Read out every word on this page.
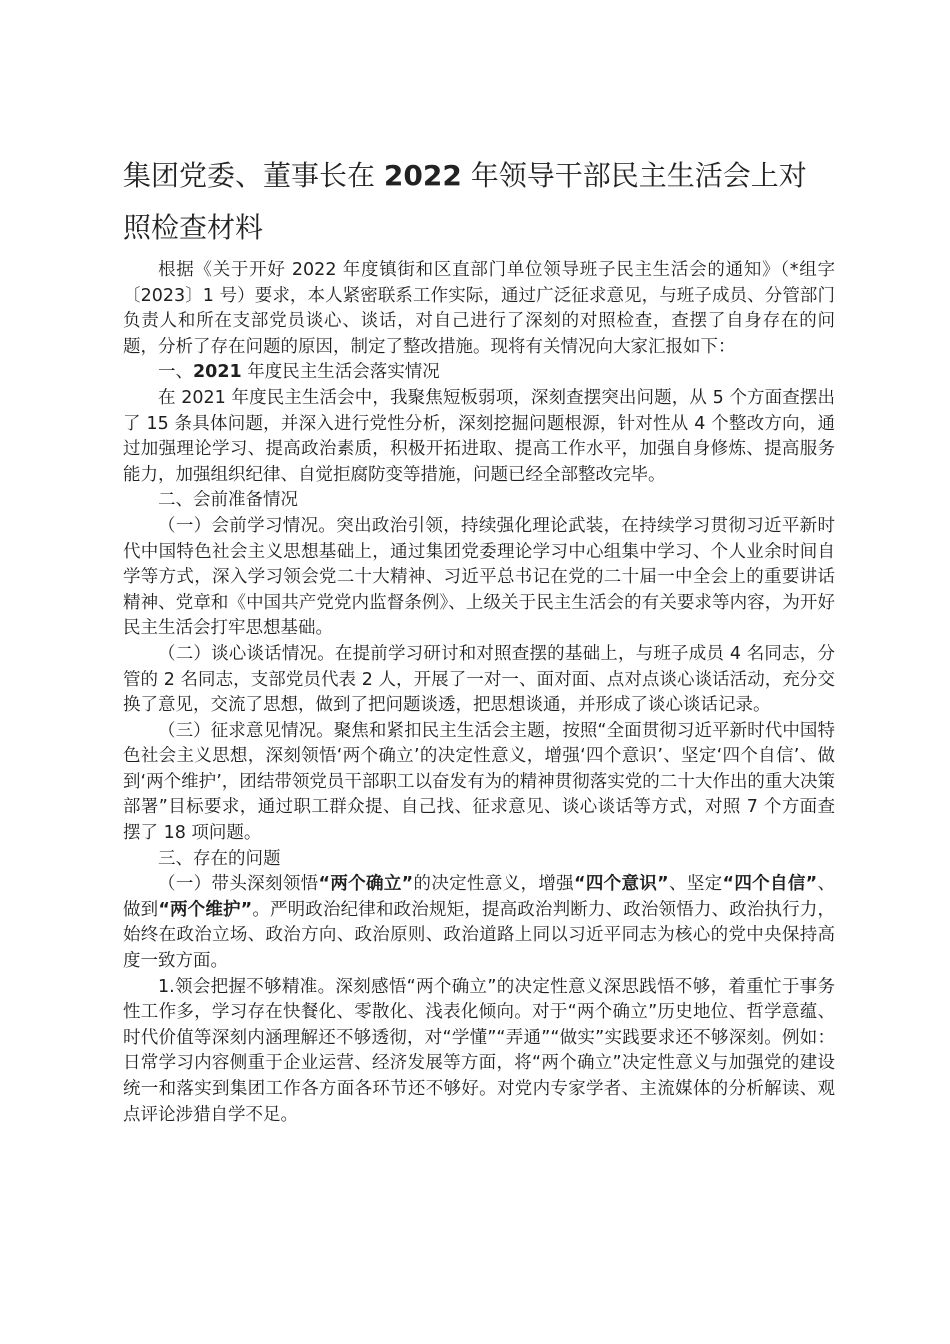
集团党委、董事长在 2022 年领导干部民主生活会上对照检查材料

根据《关于开好 2022 年度镇街和区直部门单位领导班子民主生活会的通知》（*组字〔2023〕1 号）要求，本人紧密联系工作实际，通过广泛征求意见，与班子成员、分管部门负责人和所在支部党员谈心、谈话，对自己进行了深刻的对照检查，查摆了自身存在的问题，分析了存在问题的原因，制定了整改措施。现将有关情况向大家汇报如下：

一、2021 年度民主生活会落实情况

在 2021 年度民主生活会中，我聚焦短板弱项，深刻查摆突出问题，从 5 个方面查摆出了 15 条具体问题，并深入进行党性分析，深刻挖掘问题根源，针对性从 4 个整改方向，通过加强理论学习、提高政治素质，积极开拓进取、提高工作水平，加强自身修炼、提高服务能力，加强组织纪律、自觉拒腐防变等措施，问题已经全部整改完毕。

二、会前准备情况

（一）会前学习情况。突出政治引领，持续强化理论武装，在持续学习贯彻习近平新时代中国特色社会主义思想基础上，通过集团党委理论学习中心组集中学习、个人业余时间自学等方式，深入学习领会党二十大精神、习近平总书记在党的二十届一中全会上的重要讲话精神、党章和《中国共产党党内监督条例》、上级关于民主生活会的有关要求等内容，为开好民主生活会打牢思想基础。

（二）谈心谈话情况。在提前学习研讨和对照查摆的基础上，与班子成员 4 名同志，分管的 2 名同志，支部党员代表 2 人，开展了一对一、面对面、点对点谈心谈话活动，充分交换了意见，交流了思想，做到了把问题谈透，把思想谈通，并形成了谈心谈话记录。

（三）征求意见情况。聚焦和紧扣民主生活会主题，按照“全面贯彻习近平新时代中国特色社会主义思想，深刻领悟‘两个确立’的决定性意义，增强‘四个意识’、坚定‘四个自信’、做到‘两个维护’，团结带领党员干部职工以奋发有为的精神贯彻落实党的二十大作出的重大决策部署”目标要求，通过职工群众提、自己找、征求意见、谈心谈话等方式，对照 7 个方面查摆了 18 项问题。

三、存在的问题

（一）带头深刻领悟“两个确立”的决定性意义，增强“四个意识”、坚定“四个自信”、做到“两个维护”。严明政治纪律和政治规矩，提高政治判断力、政治领悟力、政治执行力，始终在政治立场、政治方向、政治原则、政治道路上同以习近平同志为核心的党中央保持高度一致方面。

1.领会把握不够精准。深刻感悟“两个确立”的决定性意义深思践悟不够，着重忙于事务性工作多，学习存在快餐化、零散化、浅表化倾向。对于“两个确立”历史地位、哲学意蕴、时代价值等深刻内涵理解还不够透彻，对“学懂”“弄通”“做实”实践要求还不够深刻。例如：日常学习内容侧重于企业运营、经济发展等方面，将“两个确立”决定性意义与加强党的建设统一和落实到集团工作各方面各环节还不够好。对党内专家学者、主流媒体的分析解读、观点评论涉猎自学不足。
